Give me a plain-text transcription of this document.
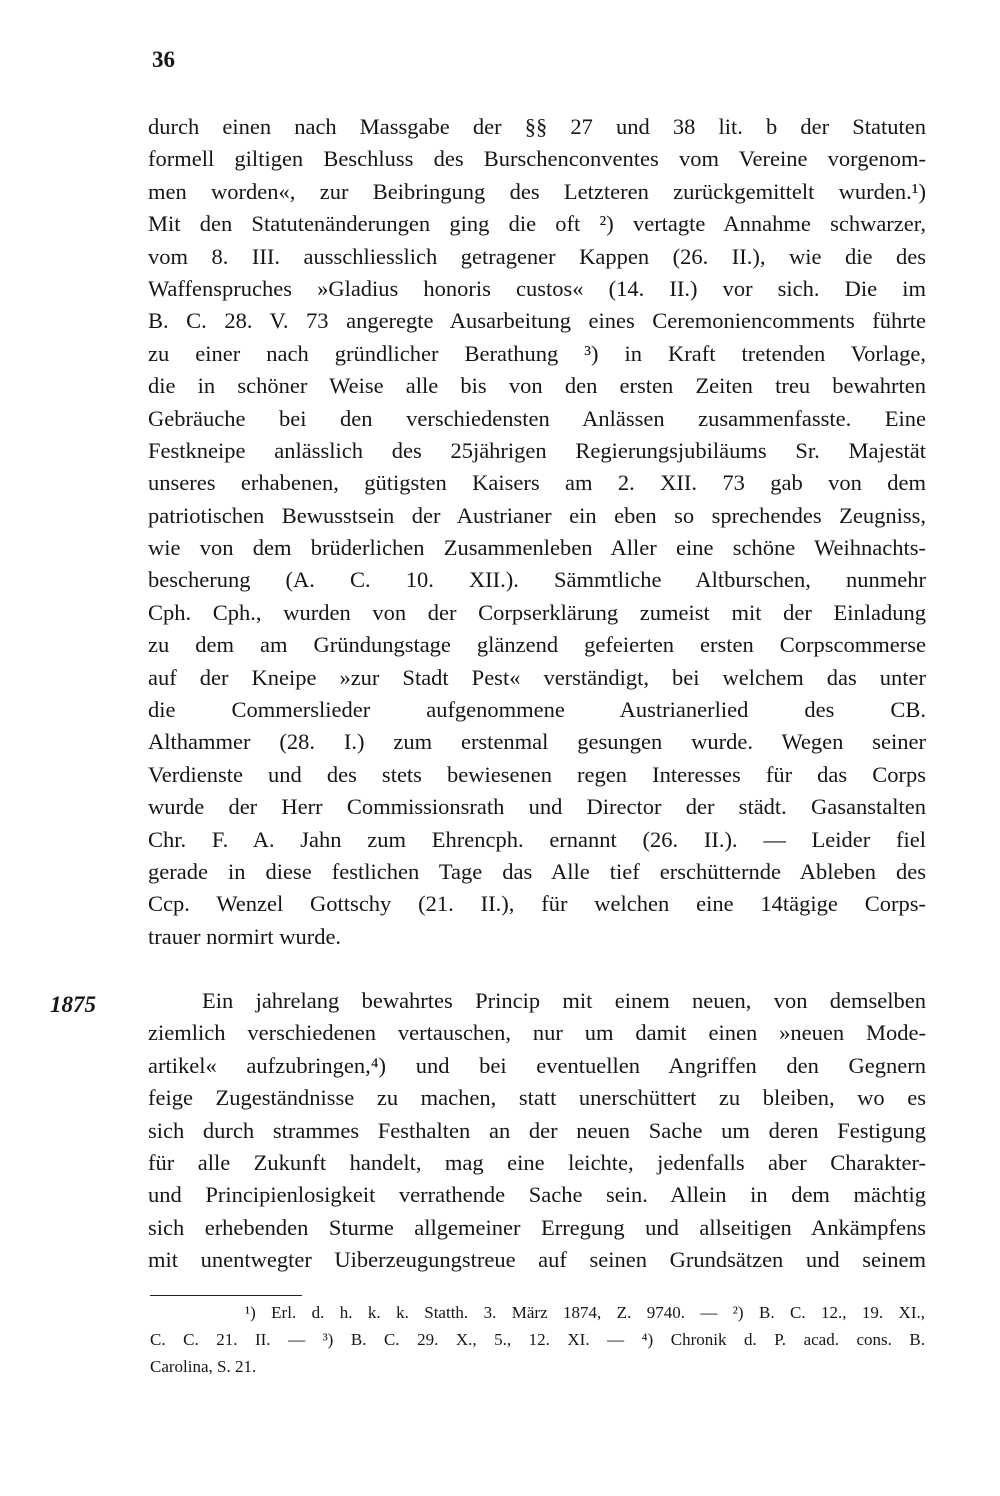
36
durch einen nach Massgabe der §§ 27 und 38 lit. b der Statuten
formell giltigen Beschluss des Burschenconventes vom Vereine vorgenom-
men worden«, zur Beibringung des Letzteren zurückgemittelt wurden.¹)
Mit den Statutenänderungen ging die oft ²) vertagte Annahme schwarzer,
vom 8. III. ausschliesslich getragener Kappen (26. II.), wie die des
Waffenspruches »Gladius honoris custos« (14. II.) vor sich. Die im
B. C. 28. V. 73 angeregte Ausarbeitung eines Ceremoniencomments führte
zu einer nach gründlicher Berathung ³) in Kraft tretenden Vorlage,
die in schöner Weise alle bis von den ersten Zeiten treu bewahrten
Gebräuche bei den verschiedensten Anlässen zusammenfasste. Eine
Festkneipe anlässlich des 25jährigen Regierungsjubiläums Sr. Majestät
unseres erhabenen, gütigsten Kaisers am 2. XII. 73 gab von dem
patriotischen Bewusstsein der Austrianer ein eben so sprechendes Zeugniss,
wie von dem brüderlichen Zusammenleben Aller eine schöne Weihnachts-
bescherung (A. C. 10. XII.). Sämmtliche Altburschen, nunmehr
Cph. Cph., wurden von der Corpserklärung zumeist mit der Einladung
zu dem am Gründungstage glänzend gefeierten ersten Corpscommerse
auf der Kneipe »zur Stadt Pest« verständigt, bei welchem das unter
die Commerslieder aufgenommene Austrianerlied des CB.
Althammer (28. I.) zum erstenmal gesungen wurde. Wegen seiner
Verdienste und des stets bewiesenen regen Interesses für das Corps
wurde der Herr Commissionsrath und Director der städt. Gasanstalten
Chr. F. A. Jahn zum Ehrencph. ernannt (26. II.). — Leider fiel
gerade in diese festlichen Tage das Alle tief erschütternde Ableben des
Ccp. Wenzel Gottschy (21. II.), für welchen eine 14tägige Corps-
trauer normirt wurde.
1875	Ein jahrelang bewahrtes Princip mit einem neuen, von demselben
ziemlich verschiedenen vertauschen, nur um damit einen »neuen Mode-
artikel« aufzubringen,⁴) und bei eventuellen Angriffen den Gegnern
feige Zugeständnisse zu machen, statt unerschüttert zu bleiben, wo es
sich durch strammes Festhalten an der neuen Sache um deren Festigung
für alle Zukunft handelt, mag eine leichte, jedenfalls aber Charakter-
und Principienlosigkeit verrathende Sache sein. Allein in dem mächtig
sich erhebenden Sturme allgemeiner Erregung und allseitigen Ankämpfens
mit unentwegter Uiberzeugungstreue auf seinen Grundsätzen und seinem
¹) Erl. d. h. k. k. Statth. 3. März 1874, Z. 9740. — ²) B. C. 12., 19. XI.,
C. C. 21. II. — ³) B. C. 29. X., 5., 12. XI. — ⁴) Chronik d. P. acad. cons. B.
Carolina, S. 21.
